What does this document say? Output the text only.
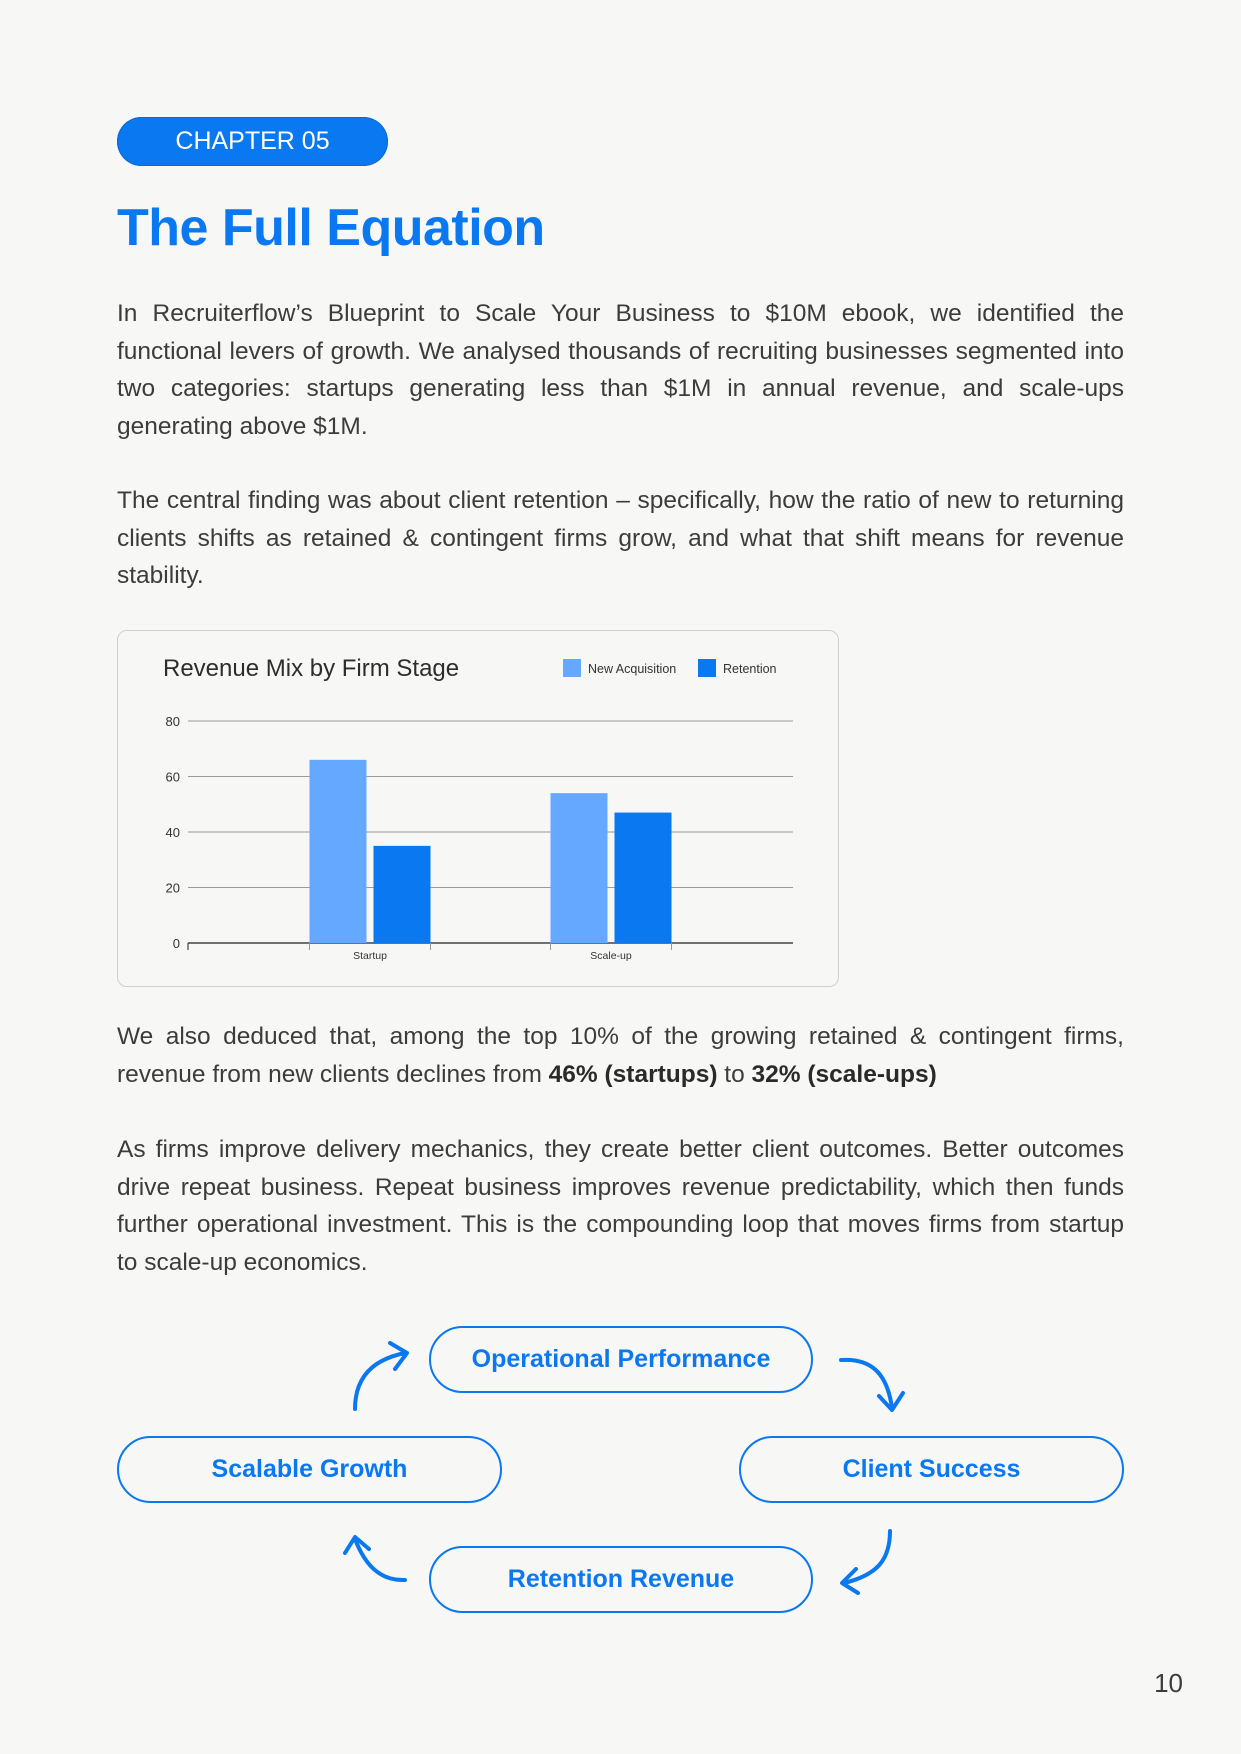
CHAPTER 05
The Full Equation

In Recruiterflow’s Blueprint to Scale Your Business to $10M ebook, we identified the functional levers of growth. We analysed thousands of recruiting businesses segmented into two categories: startups generating less than $1M in annual revenue, and scale-ups generating above $1M.

The central finding was about client retention – specifically, how the ratio of new to returning clients shifts as retained & contingent firms grow, and what that shift means for revenue stability.

Revenue Mix by Firm Stage	New Acquisition	Retention
0
20
40
60
80
Startup	Scale-up

We also deduced that, among the top 10% of the growing retained & contingent firms, revenue from new clients declines from 46% (startups) to 32% (scale-ups)

As firms improve delivery mechanics, they create better client outcomes. Better outcomes drive repeat business. Repeat business improves revenue predictability, which then funds further operational investment. This is the compounding loop that moves firms from startup to scale-up economics.

Operational Performance
Client Success
Retention Revenue
Scalable Growth
10
